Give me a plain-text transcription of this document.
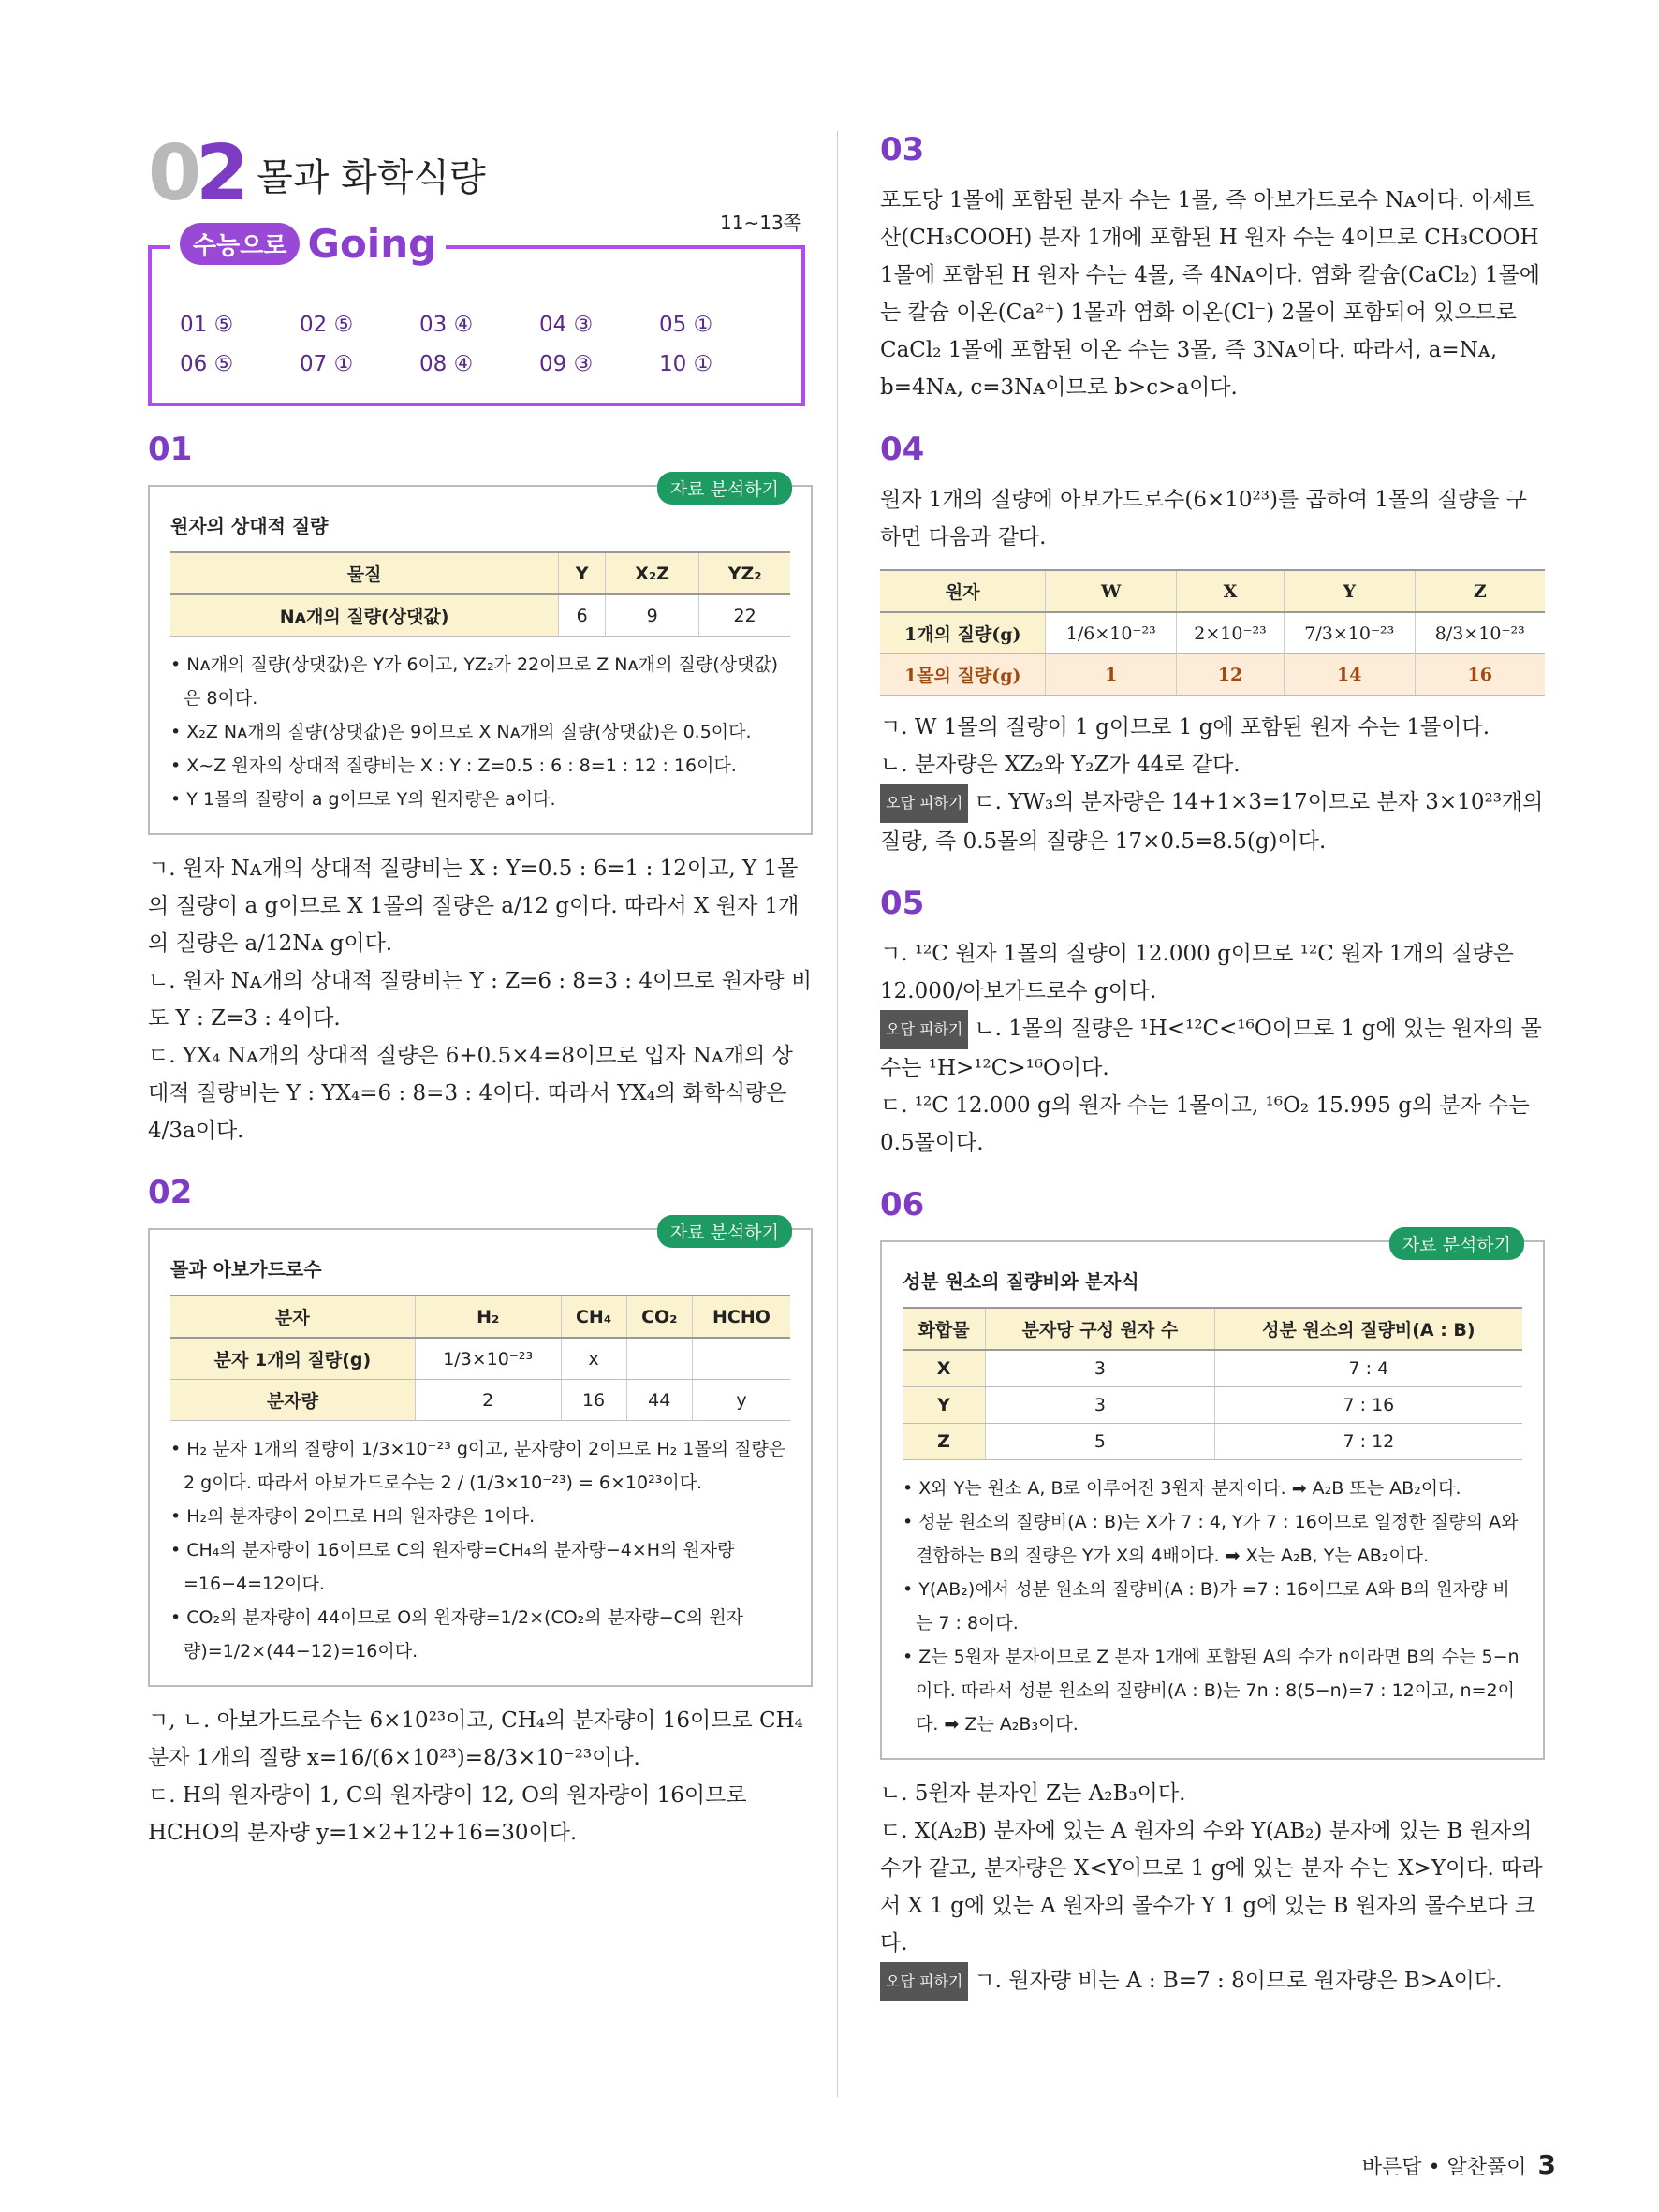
02 몰과 화학식량
수능으로 Going	11~13쪽
01 ⑤	02 ⑤	03 ④	04 ③	05 ①
06 ⑤	07 ①	08 ④	09 ③	10 ①
01
자료 분석하기
원자의 상대적 질량
물질	Y	X₂Z	YZ₂
Nᴀ개의 질량(상댓값)	6	9	22
• Nᴀ개의 질량(상댓값)은 Y가 6이고, YZ₂가 22이므로 Z Nᴀ개의 질량(상댓값)은 8이다.
• X₂Z Nᴀ개의 질량(상댓값)은 9이므로 X Nᴀ개의 질량(상댓값)은 0.5이다.
• X~Z 원자의 상대적 질량비는 X : Y : Z=0.5 : 6 : 8=1 : 12 : 16이다.
• Y 1몰의 질량이 a g이므로 Y의 원자량은 a이다.

ㄱ. 원자 Nᴀ개의 상대적 질량비는 X : Y=0.5 : 6=1 : 12이고, Y 1몰의 질량이 a g이므로 X 1몰의 질량은 a/12 g이다. 따라서 X 원자 1개의 질량은 a/12Nᴀ g이다.

ㄴ. 원자 Nᴀ개의 상대적 질량비는 Y : Z=6 : 8=3 : 4이므로 원자량 비도 Y : Z=3 : 4이다.

ㄷ. YX₄ Nᴀ개의 상대적 질량은 6+0.5×4=8이므로 입자 Nᴀ개의 상대적 질량비는 Y : YX₄=6 : 8=3 : 4이다. 따라서 YX₄의 화학식량은 4/3a이다.

02
자료 분석하기
몰과 아보가드로수
분자	H₂	CH₄	CO₂	HCHO
분자 1개의 질량(g)	1/3×10⁻²³	x		
분자량	2	16	44	y
• H₂ 분자 1개의 질량이 1/3×10⁻²³ g이고, 분자량이 2이므로 H₂ 1몰의 질량은 2 g이다. 따라서 아보가드로수는 2 / (1/3×10⁻²³) = 6×10²³이다.
• H₂의 분자량이 2이므로 H의 원자량은 1이다.
• CH₄의 분자량이 16이므로 C의 원자량=CH₄의 분자량−4×H의 원자량=16−4=12이다.
• CO₂의 분자량이 44이므로 O의 원자량=1/2×(CO₂의 분자량−C의 원자량)=1/2×(44−12)=16이다.

ㄱ, ㄴ. 아보가드로수는 6×10²³이고, CH₄의 분자량이 16이므로 CH₄ 분자 1개의 질량 x=16/(6×10²³)=8/3×10⁻²³이다.

ㄷ. H의 원자량이 1, C의 원자량이 12, O의 원자량이 16이므로 HCHO의 분자량 y=1×2+12+16=30이다.

03

포도당 1몰에 포함된 분자 수는 1몰, 즉 아보가드로수 Nᴀ이다. 아세트산(CH₃COOH) 분자 1개에 포함된 H 원자 수는 4이므로 CH₃COOH 1몰에 포함된 H 원자 수는 4몰, 즉 4Nᴀ이다. 염화 칼슘(CaCl₂) 1몰에는 칼슘 이온(Ca²⁺) 1몰과 염화 이온(Cl⁻) 2몰이 포함되어 있으므로 CaCl₂ 1몰에 포함된 이온 수는 3몰, 즉 3Nᴀ이다. 따라서, a=Nᴀ, b=4Nᴀ, c=3Nᴀ이므로 b>c>a이다.

04

원자 1개의 질량에 아보가드로수(6×10²³)를 곱하여 1몰의 질량을 구하면 다음과 같다.

원자	W	X	Y	Z
1개의 질량(g)	1/6×10⁻²³	2×10⁻²³	7/3×10⁻²³	8/3×10⁻²³
1몰의 질량(g)	1	12	14	16

ㄱ. W 1몰의 질량이 1 g이므로 1 g에 포함된 원자 수는 1몰이다.

ㄴ. 분자량은 XZ₂와 Y₂Z가 44로 같다.

오답 피하기 ㄷ. YW₃의 분자량은 14+1×3=17이므로 분자 3×10²³개의 질량, 즉 0.5몰의 질량은 17×0.5=8.5(g)이다.

05

ㄱ. ¹²C 원자 1몰의 질량이 12.000 g이므로 ¹²C 원자 1개의 질량은 12.000/아보가드로수 g이다.

오답 피하기 ㄴ. 1몰의 질량은 ¹H<¹²C<¹⁶O이므로 1 g에 있는 원자의 몰수는 ¹H>¹²C>¹⁶O이다.

ㄷ. ¹²C 12.000 g의 원자 수는 1몰이고, ¹⁶O₂ 15.995 g의 분자 수는 0.5몰이다.

06
자료 분석하기
성분 원소의 질량비와 분자식
화합물	분자당 구성 원자 수	성분 원소의 질량비(A : B)
X	3	7 : 4
Y	3	7 : 16
Z	5	7 : 12
• X와 Y는 원소 A, B로 이루어진 3원자 분자이다. ➡ A₂B 또는 AB₂이다.
• 성분 원소의 질량비(A : B)는 X가 7 : 4, Y가 7 : 16이므로 일정한 질량의 A와 결합하는 B의 질량은 Y가 X의 4배이다. ➡ X는 A₂B, Y는 AB₂이다.
• Y(AB₂)에서 성분 원소의 질량비(A : B)가 =7 : 16이므로 A와 B의 원자량 비는 7 : 8이다.
• Z는 5원자 분자이므로 Z 분자 1개에 포함된 A의 수가 n이라면 B의 수는 5−n이다. 따라서 성분 원소의 질량비(A : B)는 7n : 8(5−n)=7 : 12이고, n=2이다. ➡ Z는 A₂B₃이다.

ㄴ. 5원자 분자인 Z는 A₂B₃이다.

ㄷ. X(A₂B) 분자에 있는 A 원자의 수와 Y(AB₂) 분자에 있는 B 원자의 수가 같고, 분자량은 X<Y이므로 1 g에 있는 분자 수는 X>Y이다. 따라서 X 1 g에 있는 A 원자의 몰수가 Y 1 g에 있는 B 원자의 몰수보다 크다.

오답 피하기 ㄱ. 원자량 비는 A : B=7 : 8이므로 원자량은 B>A이다.

바른답 • 알찬풀이 3
